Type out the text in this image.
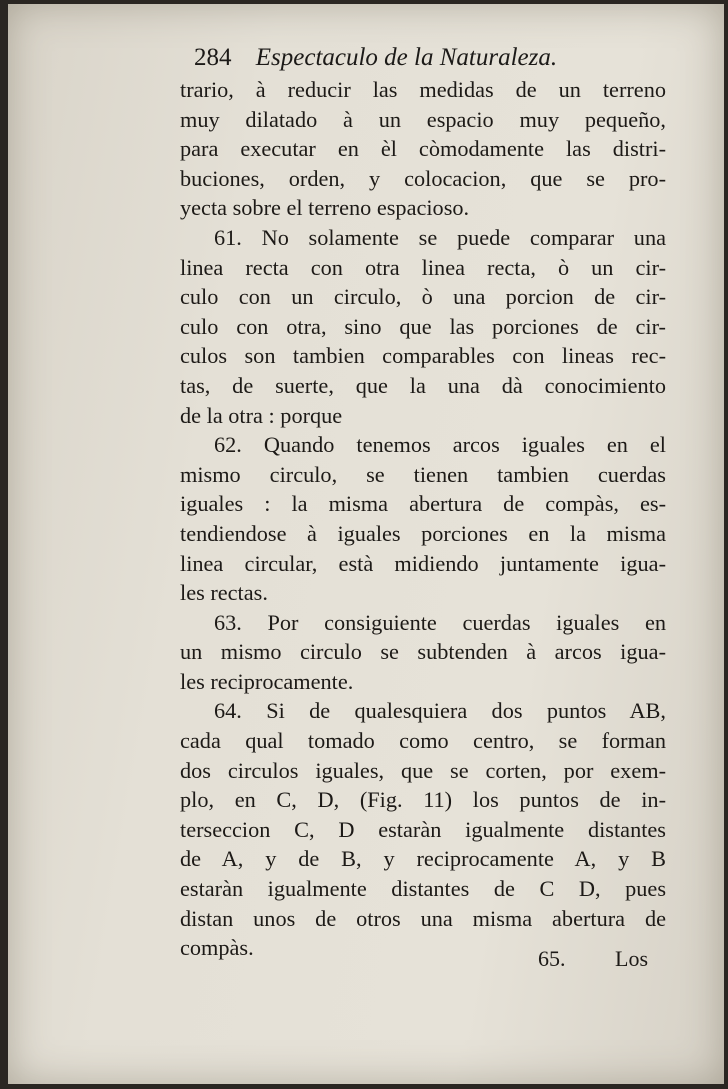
284 Espectaculo de la Naturaleza.
trario, à reducir las medidas de un terreno
muy dilatado à un espacio muy pequeño,
para executar en èl còmodamente las distri-
buciones, orden, y colocacion, que se pro-
yecta sobre el terreno espacioso.
61. No solamente se puede comparar una
linea recta con otra linea recta, ò un cir-
culo con un circulo, ò una porcion de cir-
culo con otra, sino que las porciones de cir-
culos son tambien comparables con lineas rec-
tas, de suerte, que la una dà conocimiento
de la otra : porque
62. Quando tenemos arcos iguales en el
mismo circulo, se tienen tambien cuerdas
iguales : la misma abertura de compàs, es-
tendiendose à iguales porciones en la misma
linea circular, està midiendo juntamente igua-
les rectas.
63. Por consiguiente cuerdas iguales en
un mismo circulo se subtenden à arcos igua-
les reciprocamente.
64. Si de qualesquiera dos puntos AB,
cada qual tomado como centro, se forman
dos circulos iguales, que se corten, por exem-
plo, en C, D, (Fig. 11) los puntos de in-
terseccion C, D estaràn igualmente distantes
de A, y de B, y reciprocamente A, y B
estaràn igualmente distantes de C D, pues
distan unos de otros una misma abertura de
compàs.	65. Los
